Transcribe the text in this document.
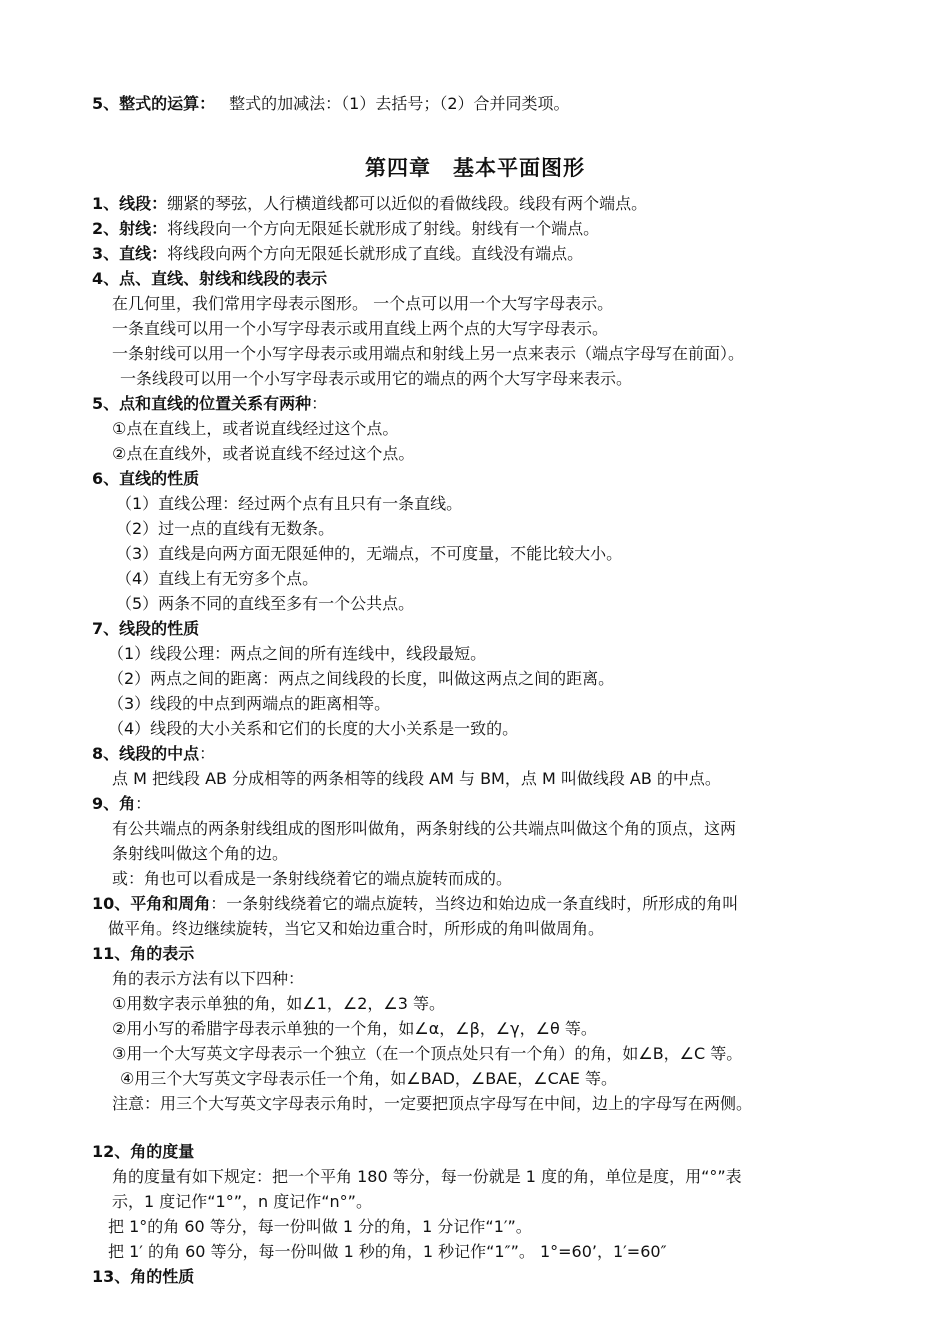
5、整式的运算： 整式的加减法：（1）去括号；（2）合并同类项。
第四章 基本平面图形
1、线段：绷紧的琴弦，人行横道线都可以近似的看做线段。线段有两个端点。
2、射线：将线段向一个方向无限延长就形成了射线。射线有一个端点。
3、直线：将线段向两个方向无限延长就形成了直线。直线没有端点。
4、点、直线、射线和线段的表示
在几何里，我们常用字母表示图形。 一个点可以用一个大写字母表示。
一条直线可以用一个小写字母表示或用直线上两个点的大写字母表示。
一条射线可以用一个小写字母表示或用端点和射线上另一点来表示（端点字母写在前面）。
一条线段可以用一个小写字母表示或用它的端点的两个大写字母来表示。
5、点和直线的位置关系有两种：
①点在直线上，或者说直线经过这个点。
②点在直线外，或者说直线不经过这个点。
6、直线的性质
（1）直线公理：经过两个点有且只有一条直线。
（2）过一点的直线有无数条。
（3）直线是向两方面无限延伸的，无端点，不可度量，不能比较大小。
（4）直线上有无穷多个点。
（5）两条不同的直线至多有一个公共点。
7、线段的性质
（1）线段公理：两点之间的所有连线中，线段最短。
（2）两点之间的距离：两点之间线段的长度，叫做这两点之间的距离。
（3）线段的中点到两端点的距离相等。
（4）线段的大小关系和它们的长度的大小关系是一致的。
8、线段的中点：
点 M 把线段 AB 分成相等的两条相等的线段 AM 与 BM，点 M 叫做线段 AB 的中点。
9、角：
有公共端点的两条射线组成的图形叫做角，两条射线的公共端点叫做这个角的顶点，这两
条射线叫做这个角的边。
或：角也可以看成是一条射线绕着它的端点旋转而成的。
10、平角和周角：一条射线绕着它的端点旋转，当终边和始边成一条直线时，所形成的角叫
做平角。终边继续旋转，当它又和始边重合时，所形成的角叫做周角。
11、角的表示
角的表示方法有以下四种：
①用数字表示单独的角，如∠1，∠2，∠3 等。
②用小写的希腊字母表示单独的一个角，如∠α，∠β，∠γ，∠θ 等。
③用一个大写英文字母表示一个独立（在一个顶点处只有一个角）的角，如∠B，∠C 等。
④用三个大写英文字母表示任一个角，如∠BAD，∠BAE，∠CAE 等。
注意：用三个大写英文字母表示角时，一定要把顶点字母写在中间，边上的字母写在两侧。
12、角的度量
角的度量有如下规定：把一个平角 180 等分，每一份就是 1 度的角，单位是度，用“°”表
示，1 度记作“1°”，n 度记作“n°”。
把 1°的角 60 等分，每一份叫做 1 分的角，1 分记作“1′”。
把 1′ 的角 60 等分，每一份叫做 1 秒的角，1 秒记作“1″”。 1°=60’，1′=60″
13、角的性质
